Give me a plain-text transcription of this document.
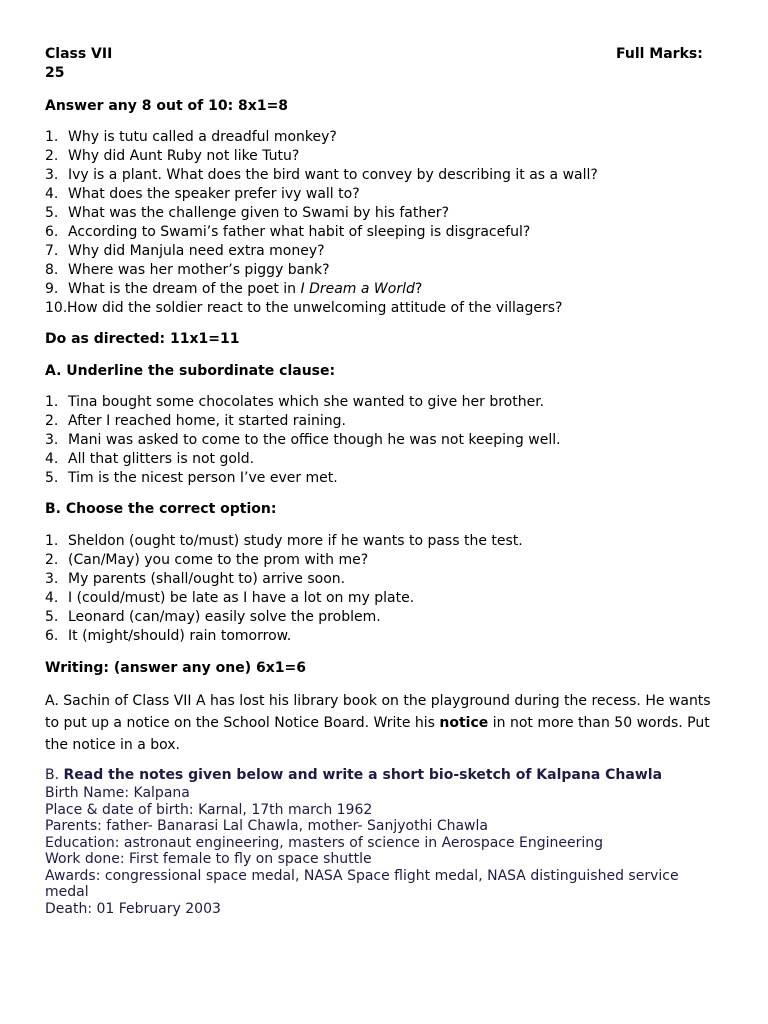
Class VII
25
Full Marks:
Answer any 8 out of 10: 8x1=8
1. Why is tutu called a dreadful monkey?
2. Why did Aunt Ruby not like Tutu?
3. Ivy is a plant. What does the bird want to convey by describing it as a wall?
4. What does the speaker prefer ivy wall to?
5. What was the challenge given to Swami by his father?
6. According to Swami’s father what habit of sleeping is disgraceful?
7. Why did Manjula need extra money?
8. Where was her mother’s piggy bank?
9. What is the dream of the poet in I Dream a World?
10. How did the soldier react to the unwelcoming attitude of the villagers?
Do as directed: 11x1=11
A. Underline the subordinate clause:
1. Tina bought some chocolates which she wanted to give her brother.
2. After I reached home, it started raining.
3. Mani was asked to come to the office though he was not keeping well.
4. All that glitters is not gold.
5. Tim is the nicest person I’ve ever met.
B. Choose the correct option:
1. Sheldon (ought to/must) study more if he wants to pass the test.
2. (Can/May) you come to the prom with me?
3. My parents (shall/ought to) arrive soon.
4. I (could/must) be late as I have a lot on my plate.
5. Leonard (can/may) easily solve the problem.
6. It (might/should) rain tomorrow.
Writing: (answer any one) 6x1=6
A. Sachin of Class VII A has lost his library book on the playground during the recess. He wants to put up a notice on the School Notice Board. Write his notice in not more than 50 words. Put the notice in a box.
B. Read the notes given below and write a short bio-sketch of Kalpana Chawla
Birth Name: Kalpana
Place & date of birth: Karnal, 17th march 1962
Parents: father- Banarasi Lal Chawla, mother- Sanjyothi Chawla
Education: astronaut engineering, masters of science in Aerospace Engineering
Work done: First female to fly on space shuttle
Awards: congressional space medal, NASA Space flight medal, NASA distinguished service medal
Death: 01 February 2003
